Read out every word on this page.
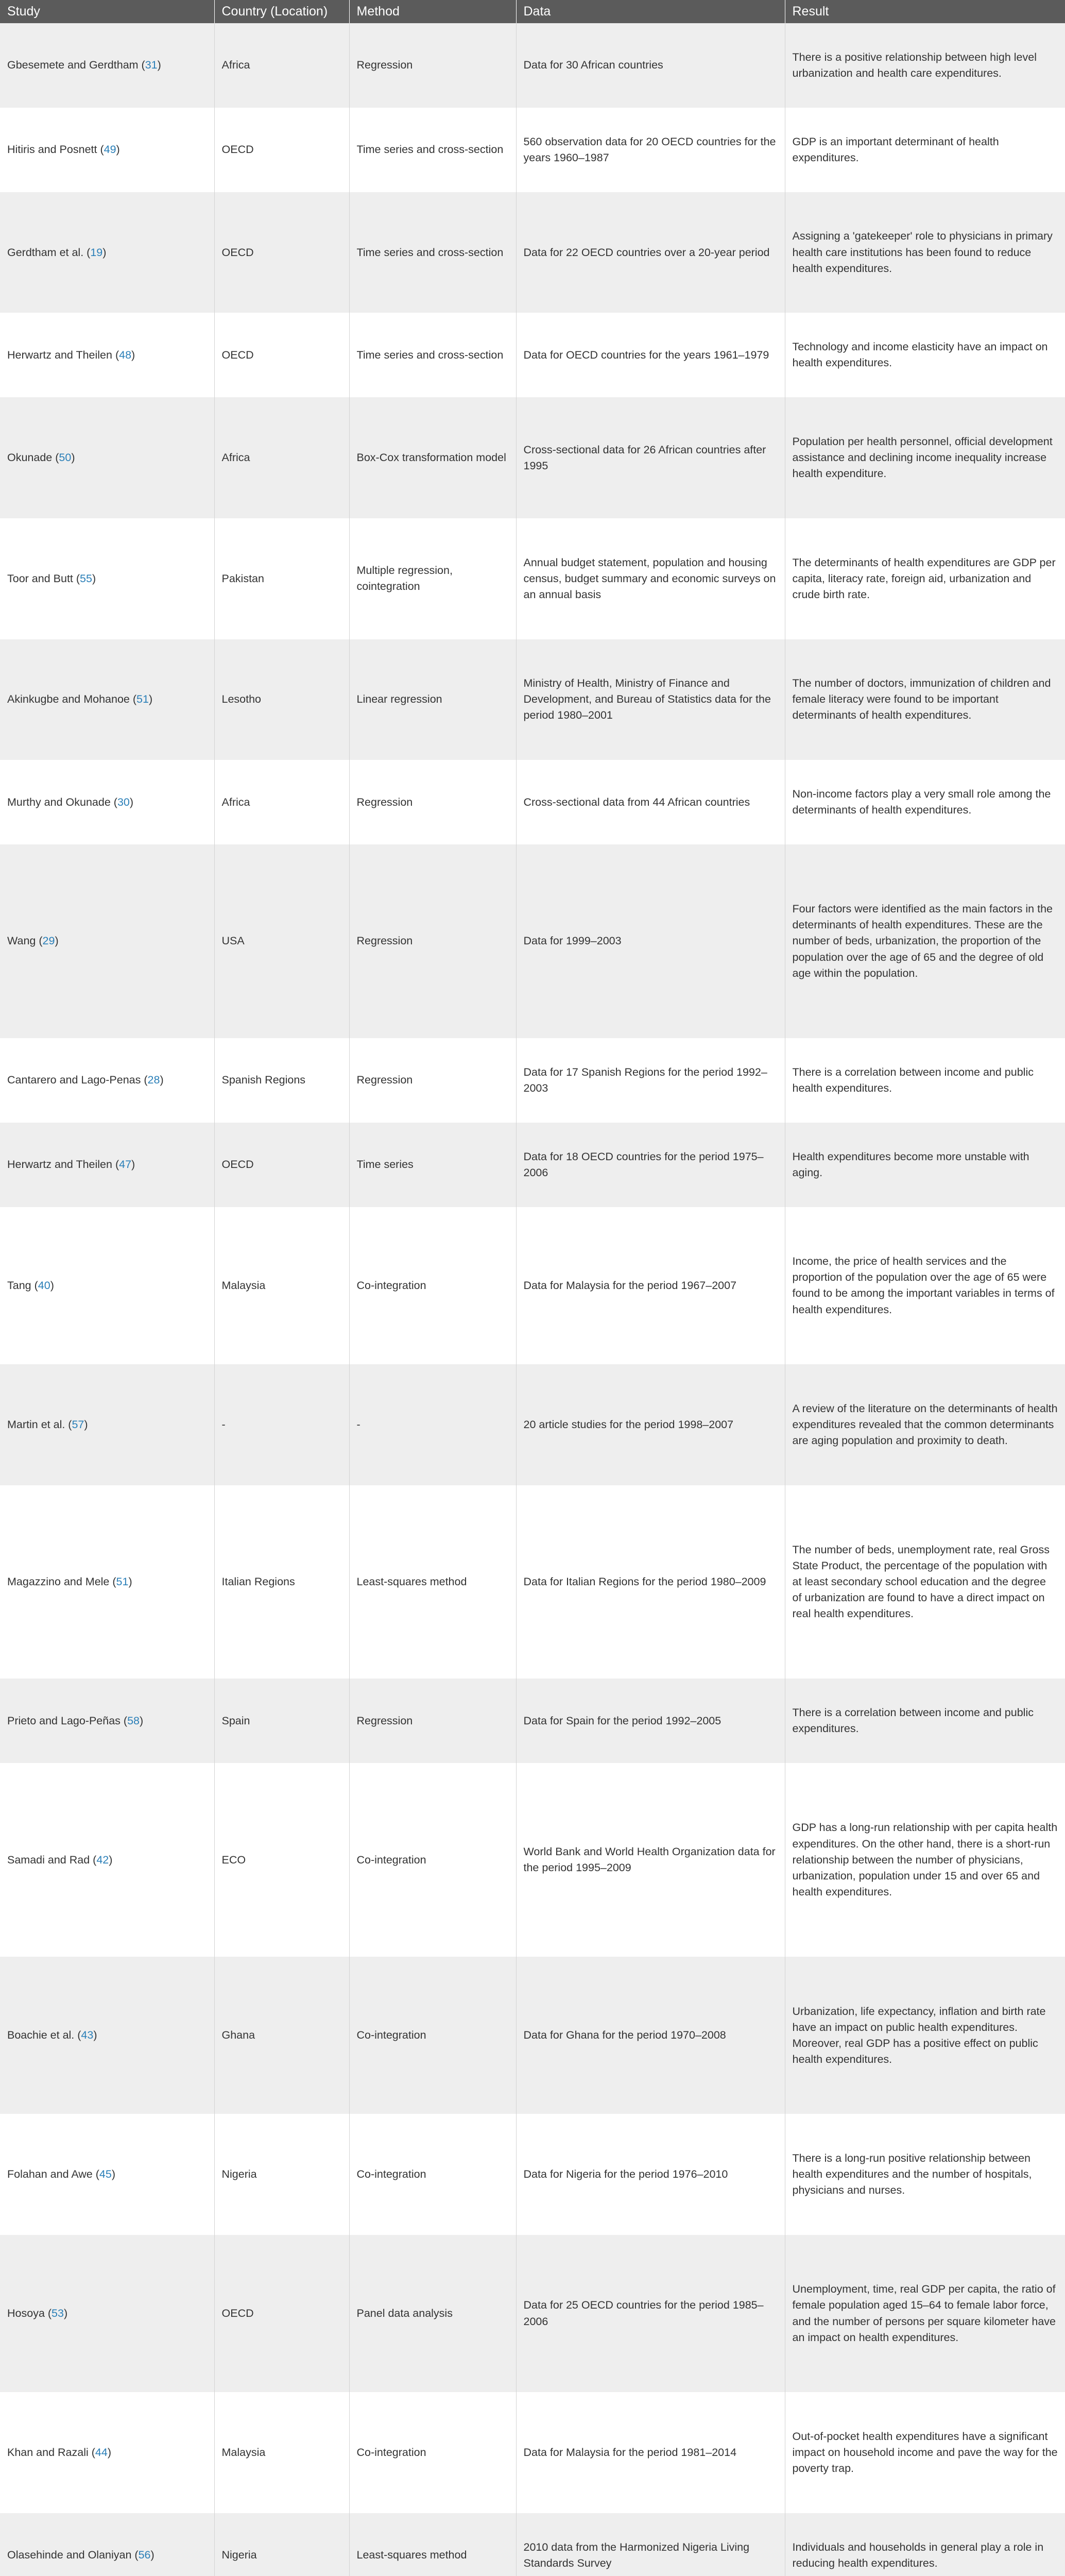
Study	Country (Location)	Method	Data	Result
Gbesemete and Gerdtham (31)	Africa	Regression	Data for 30 African countries	There is a positive relationship between high level urbanization and health care expenditures.
Hitiris and Posnett (49)	OECD	Time series and cross-section	560 observation data for 20 OECD countries for the years 1960–1987	GDP is an important determinant of health expenditures.
Gerdtham et al. (19)	OECD	Time series and cross-section	Data for 22 OECD countries over a 20-year period	Assigning a 'gatekeeper' role to physicians in primary health care institutions has been found to reduce health expenditures.
Herwartz and Theilen (48)	OECD	Time series and cross-section	Data for OECD countries for the years 1961–1979	Technology and income elasticity have an impact on health expenditures.
Okunade (50)	Africa	Box-Cox transformation model	Cross-sectional data for 26 African countries after 1995	Population per health personnel, official development assistance and declining income inequality increase health expenditure.
Toor and Butt (55)	Pakistan	Multiple regression, cointegration	Annual budget statement, population and housing census, budget summary and economic surveys on an annual basis	The determinants of health expenditures are GDP per capita, literacy rate, foreign aid, urbanization and crude birth rate.
Akinkugbe and Mohanoe (51)	Lesotho	Linear regression	Ministry of Health, Ministry of Finance and Development, and Bureau of Statistics data for the period 1980–2001	The number of doctors, immunization of children and female literacy were found to be important determinants of health expenditures.
Murthy and Okunade (30)	Africa	Regression	Cross-sectional data from 44 African countries	Non-income factors play a very small role among the determinants of health expenditures.
Wang (29)	USA	Regression	Data for 1999–2003	Four factors were identified as the main factors in the determinants of health expenditures. These are the number of beds, urbanization, the proportion of the population over the age of 65 and the degree of old age within the population.
Cantarero and Lago-Penas (28)	Spanish Regions	Regression	Data for 17 Spanish Regions for the period 1992–2003	There is a correlation between income and public health expenditures.
Herwartz and Theilen (47)	OECD	Time series	Data for 18 OECD countries for the period 1975–2006	Health expenditures become more unstable with aging.
Tang (40)	Malaysia	Co-integration	Data for Malaysia for the period 1967–2007	Income, the price of health services and the proportion of the population over the age of 65 were found to be among the important variables in terms of health expenditures.
Martin et al. (57)	-	-	20 article studies for the period 1998–2007	A review of the literature on the determinants of health expenditures revealed that the common determinants are aging population and proximity to death.
Magazzino and Mele (51)	Italian Regions	Least-squares method	Data for Italian Regions for the period 1980–2009	The number of beds, unemployment rate, real Gross State Product, the percentage of the population with at least secondary school education and the degree of urbanization are found to have a direct impact on real health expenditures.
Prieto and Lago-Peñas (58)	Spain	Regression	Data for Spain for the period 1992–2005	There is a correlation between income and public expenditures.
Samadi and Rad (42)	ECO	Co-integration	World Bank and World Health Organization data for the period 1995–2009	GDP has a long-run relationship with per capita health expenditures. On the other hand, there is a short-run relationship between the number of physicians, urbanization, population under 15 and over 65 and health expenditures.
Boachie et al. (43)	Ghana	Co-integration	Data for Ghana for the period 1970–2008	Urbanization, life expectancy, inflation and birth rate have an impact on public health expenditures. Moreover, real GDP has a positive effect on public health expenditures.
Folahan and Awe (45)	Nigeria	Co-integration	Data for Nigeria for the period 1976–2010	There is a long-run positive relationship between health expenditures and the number of hospitals, physicians and nurses.
Hosoya (53)	OECD	Panel data analysis	Data for 25 OECD countries for the period 1985–2006	Unemployment, time, real GDP per capita, the ratio of female population aged 15–64 to female labor force, and the number of persons per square kilometer have an impact on health expenditures.
Khan and Razali (44)	Malaysia	Co-integration	Data for Malaysia for the period 1981–2014	Out-of-pocket health expenditures have a significant impact on household income and pave the way for the poverty trap.
Olasehinde and Olaniyan (56)	Nigeria	Least-squares method	2010 data from the Harmonized Nigeria Living Standards Survey	Individuals and households in general play a role in reducing health expenditures.
